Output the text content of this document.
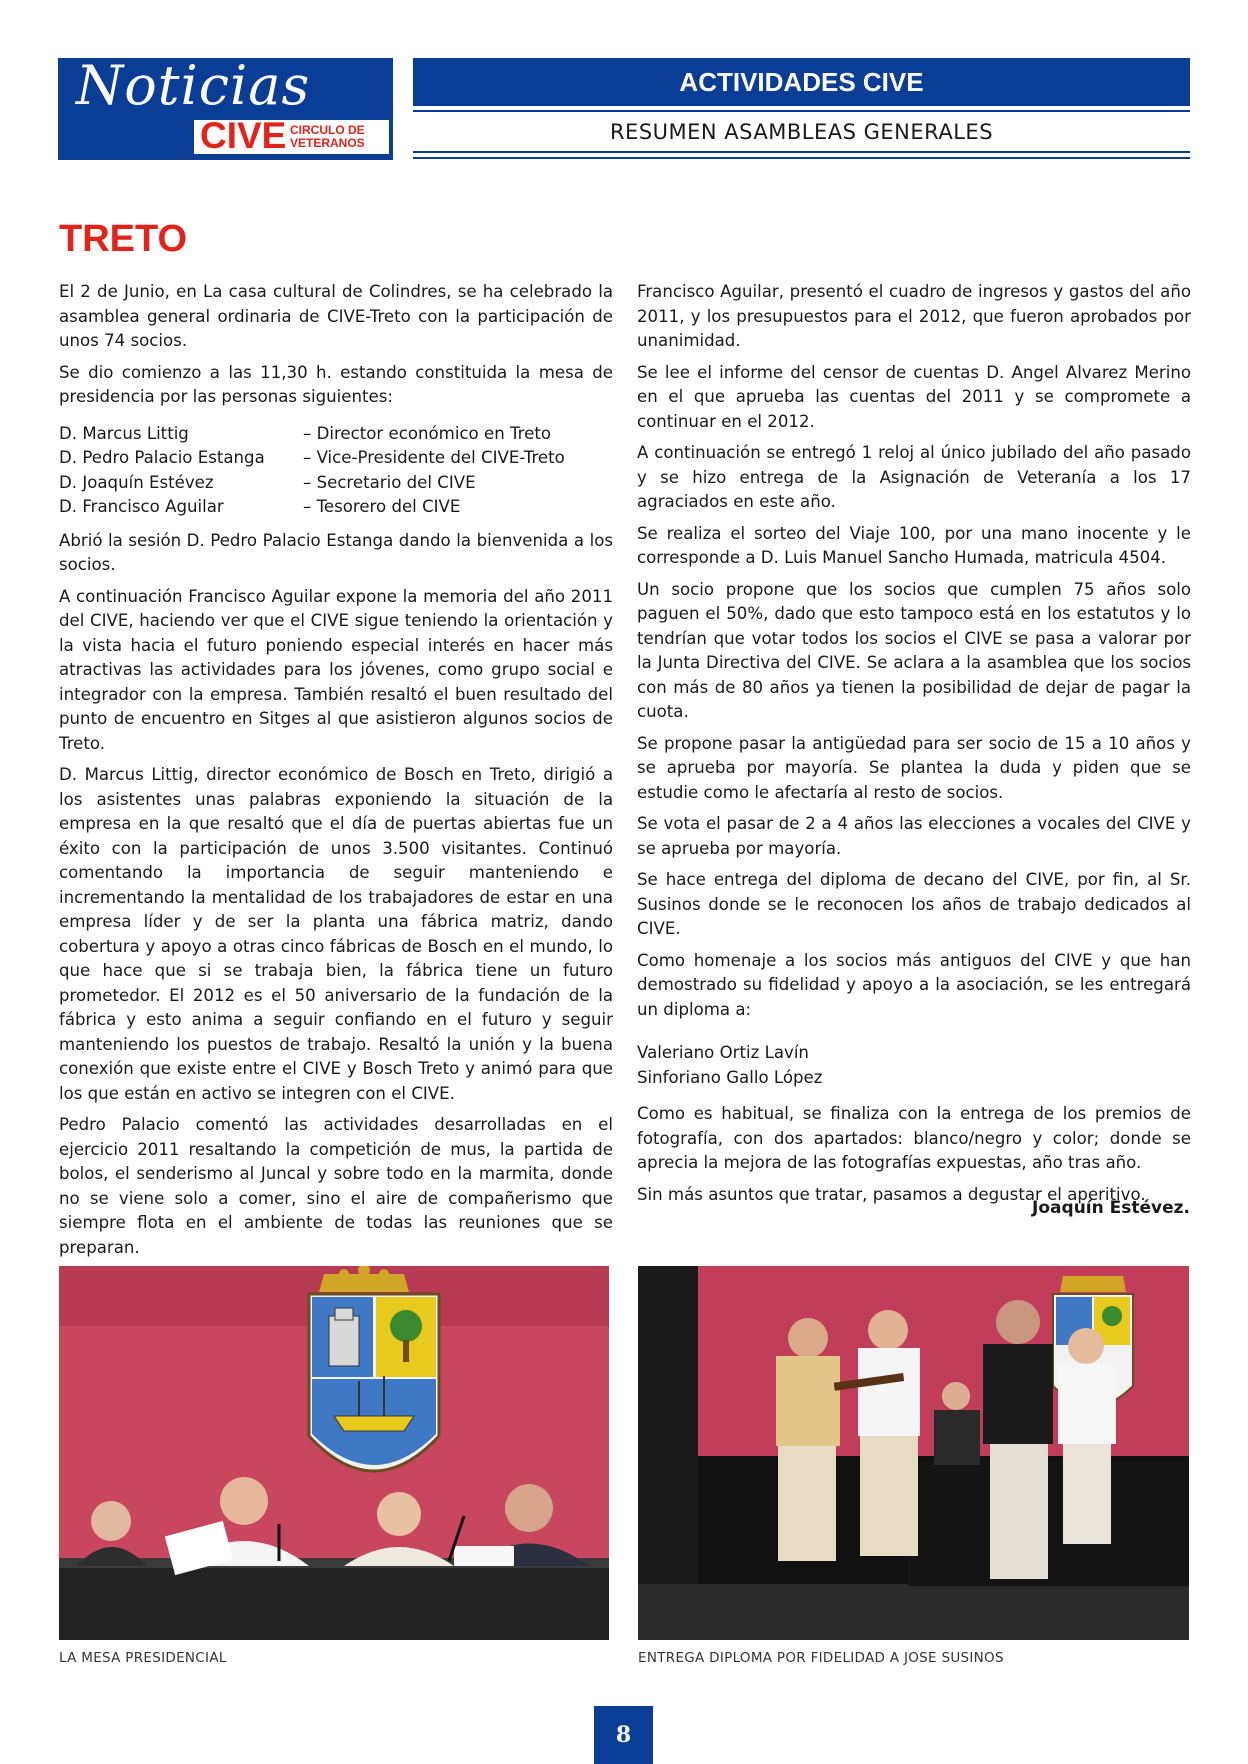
Noticias
CIVE CIRCULO DE
VETERANOS
ACTIVIDADES CIVE
RESUMEN ASAMBLEAS GENERALES
TRETO

El 2 de Junio, en La casa cultural de Colindres, se ha celebrado la asamblea general ordinaria de CIVE-Treto con la participación de unos 74 socios.

Se dio comienzo a las 11,30 h. estando constituida la mesa de presidencia por las personas siguientes:

D. Marcus Littig	– Director económico en Treto
D. Pedro Palacio Estanga	– Vice-Presidente del CIVE-Treto
D. Joaquín Estévez	– Secretario del CIVE
D. Francisco Aguilar	– Tesorero del CIVE

Abrió la sesión D. Pedro Palacio Estanga dando la bienvenida a los socios.

A continuación Francisco Aguilar expone la memoria del año 2011 del CIVE, haciendo ver que el CIVE sigue teniendo la orientación y la vista hacia el futuro poniendo especial interés en hacer más atractivas las actividades para los jóvenes, como grupo social e integrador con la empresa. También resaltó el buen resultado del punto de encuentro en Sitges al que asistieron algunos socios de Treto.

D. Marcus Littig, director económico de Bosch en Treto, dirigió a los asistentes unas palabras exponiendo la situación de la empresa en la que resaltó que el día de puertas abiertas fue un éxito con la participación de unos 3.500 visitantes. Continuó comentando la importancia de seguir manteniendo e incrementando la mentalidad de los trabajadores de estar en una empresa líder y de ser la planta una fábrica matriz, dando cobertura y apoyo a otras cinco fábricas de Bosch en el mundo, lo que hace que si se trabaja bien, la fábrica tiene un futuro prometedor. El 2012 es el 50 aniversario de la fundación de la fábrica y esto anima a seguir confiando en el futuro y seguir manteniendo los puestos de trabajo. Resaltó la unión y la buena conexión que existe entre el CIVE y Bosch Treto y animó para que los que están en activo se integren con el CIVE.

Pedro Palacio comentó las actividades desarrolladas en el ejercicio 2011 resaltando la competición de mus, la partida de bolos, el senderismo al Juncal y sobre todo en la marmita, donde no se viene solo a comer, sino el aire de compañerismo que siempre flota en el ambiente de todas las reuniones que se preparan.

Francisco Aguilar, presentó el cuadro de ingresos y gastos del año 2011, y los presupuestos para el 2012, que fueron aprobados por unanimidad.

Se lee el informe del censor de cuentas D. Angel Alvarez Merino en el que aprueba las cuentas del 2011 y se compromete a continuar en el 2012.

A continuación se entregó 1 reloj al único jubilado del año pasado y se hizo entrega de la Asignación de Veteranía a los 17 agraciados en este año.

Se realiza el sorteo del Viaje 100, por una mano inocente y le corresponde a D. Luis Manuel Sancho Humada, matricula 4504.

Un socio propone que los socios que cumplen 75 años solo paguen el 50%, dado que esto tampoco está en los estatutos y lo tendrían que votar todos los socios el CIVE se pasa a valorar por la Junta Directiva del CIVE. Se aclara a la asamblea que los socios con más de 80 años ya tienen la posibilidad de dejar de pagar la cuota.

Se propone pasar la antigüedad para ser socio de 15 a 10 años y se aprueba por mayoría. Se plantea la duda y piden que se estudie como le afectaría al resto de socios.

Se vota el pasar de 2 a 4 años las elecciones a vocales del CIVE y se aprueba por mayoría.

Se hace entrega del diploma de decano del CIVE, por fin, al Sr. Susinos donde se le reconocen los años de trabajo dedicados al CIVE.

Como homenaje a los socios más antiguos del CIVE y que han demostrado su fidelidad y apoyo a la asociación, se les entregará un diploma a:

Valeriano Ortiz Lavín
Sinforiano Gallo López

Como es habitual, se finaliza con la entrega de los premios de fotografía, con dos apartados: blanco/negro y color; donde se aprecia la mejora de las fotografías expuestas, año tras año.

Sin más asuntos que tratar, pasamos a degustar el aperitivo.

Joaquín Estévez.
LA MESA PRESIDENCIAL	ENTREGA DIPLOMA POR FIDELIDAD A JOSE SUSINOS
8
